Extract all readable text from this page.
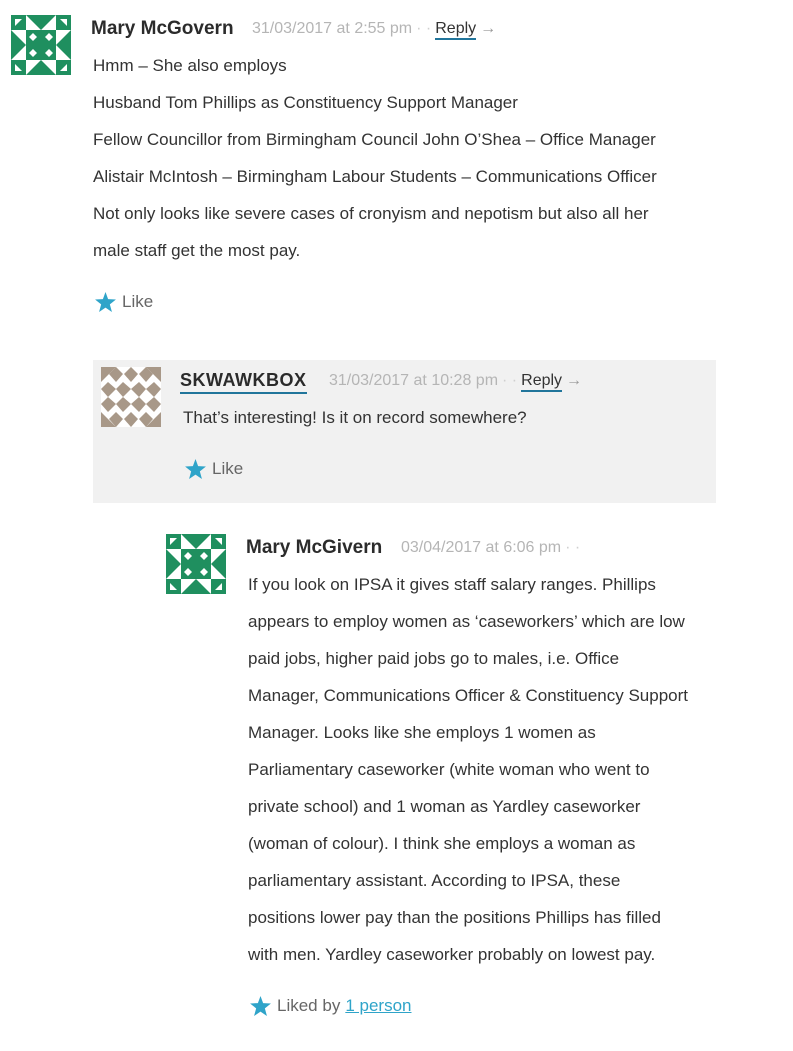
Mary McGovern 31/03/2017 at 2:55 pm · · Reply →
Hmm – She also employs
Husband Tom Phillips as Constituency Support Manager
Fellow Councillor from Birmingham Council John O’Shea – Office Manager
Alistair McIntosh – Birmingham Labour Students – Communications Officer
Not only looks like severe cases of cronyism and nepotism but also all her
male staff get the most pay.
Like
SKWAWKBOX 31/03/2017 at 10:28 pm · · Reply →
That’s interesting! Is it on record somewhere?
Like
Mary McGivern 03/04/2017 at 6:06 pm · ·
If you look on IPSA it gives staff salary ranges. Phillips
appears to employ women as ‘caseworkers’ which are low
paid jobs, higher paid jobs go to males, i.e. Office
Manager, Communications Officer & Constituency Support
Manager. Looks like she employs 1 women as
Parliamentary caseworker (white woman who went to
private school) and 1 woman as Yardley caseworker
(woman of colour). I think she employs a woman as
parliamentary assistant. According to IPSA, these
positions lower pay than the positions Phillips has filled
with men. Yardley caseworker probably on lowest pay.
Liked by 1 person
